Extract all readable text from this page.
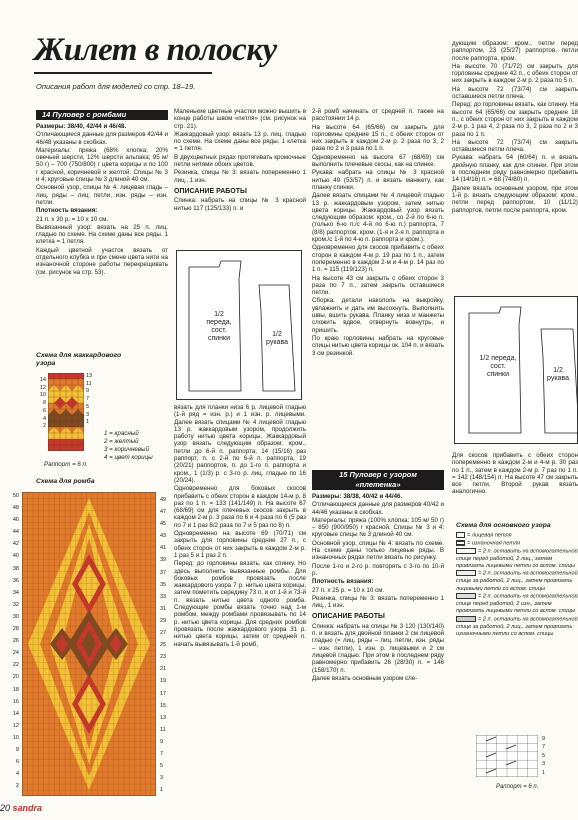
Жилет в полоску
Описания работ для моделей со стр. 18–19.
14 Пуловер с ромбами

Размеры: 38/40, 42/44 и 46/48.

Отличающиеся данные для размеров 42/44 и 46/48 указаны в скобках.

Материалы: пряжа (68% хлопка, 20% овечьей шерсти, 12% шерсти альпака; 95 м/ 50 г) – 700 (750/800) г цвета корицы и по 100 г красной, коричневой и желтой. Спицы № 3 и 4; круговые спицы № 3 длиной 40 см.

Основной узор, спицы № 4: лицевая гладь – лиц. ряды – лиц. петли, изн. ряды – изн. петли.

Плотность вязания:

21 п. х 30 р. = 10 х 10 см.

Вывязанный узор: вязать на 25 п. лиц. гладью по схеме. На схеме даны все ряды. 1 клетка = 1 петля.

Каждый цветной участок вязать от отдельного клубка и при смене цвета нити на изнаночной стороне работы перекрещивать (см. рисунок на стр. 53).

Схема для жаккардового узора
14
12
10
8
6
4
2
13
11
9
7
5
3
1
1 = красный
2 = желтый
3 = коричневый
4 = цвет корицы
Раппорт = 6 п.
Схема для ромба
50
48
46
44
42
40
38
36
34
32
30
28
26
24
22
20
18
16
14
12
10
8
6
4
2
49
47
45
43
41
39
37
35
33
31
29
27
25
23
21
19
17
15
13
11
9
7
5
3
1
20 sandra

Маленькие цветные участки можно вышить в конце работы швом «петля» (см. рисунок на стр. 21).

Жаккардовый узор: вязать 13 р. лиц. гладью по схеме. На схеме даны все ряды. 1 клетка = 1 петля.

В двухцветных рядах протягивать кромочные петли нитями обоих цветов.

Резинка, спицы № 3: вязать попеременно 1 лиц., 1 изн.

ОПИСАНИЕ РАБОТЫ

Спинка: набрать на спицы № 3 красной нитью 117 (125/133) п. и

1/2 переда, сост. спинки
1/2 рукава

вязать для планки низа 6 р. лицевой гладью (1-й ряд = изн. р.) и 1 изн. р. лицевыми. Далее вязать спицами № 4 лицевой гладью 13 р. жаккардовым узором, продолжить работу нитью цвета корицы. Жаккардовый узор вязать следующим образом: кром., петли до 6-й п. раппорта, 14 (15/16) раз раппорт, п. с 2-й по 6-й п. раппорта, 19 (20/21) раппортов, п. до 1-го п. раппорта и кром., 1 (1/3) р. с 3-го р. лиц. гладью по 16 (20/24).

Одновременно для боковых скосов прибавить с обеих сторон в каждом 14-м р. 8 раз по 1 п. = 133 (141/149) п. На высоте 67 (68/69) см для плечевых скосов закрыть в каждом 2-м р. 3 раза по 6 и 4 раза по 6 (5 раз по 7 и 1 раз 8/2 раза по 7 и 5 раз по 8) п.

Одновременно на высоте 69 (70/71) см закрыть для горловины средние 27 п., с обеих сторон от них закрыть в каждом 2-м р. 1 раз 5 и 1 раз 2 п.

Перед: до горловины вязать, как спинку. Но здесь выполнить вывязанные ромбы. Для боковых ромбов провязать после жаккардового узора 7 р. нитью цвета корицы, затем пометить середину 73 п. и от 1-й и 73-й п. вязать нитью цвета одного ромба. Следующие ромбы вязать точно над 1-м ромбом, между ромбами провязывать по 14 р. нитью цвета корицы. Для средних ромбов провязать после жаккардового узора 31 р. нитью цвета корицы, затем от средней п. начать вывязывать 1-й ромб,

2-й ромб начинать от средней п. также на расстоянии 14 р.

На высоте 64 (65/66) см закрыть для горловины средние 15 п., с обеих сторон от них закрыть в каждом 2-м р. 2 раза по 3, 2 раза по 2 и 3 раза по 1 п.

Одновременно на высоте 67 (68/69) см выполнить плечевые скосы, как на спинке.

Рукава: набрать на спицы № 3 красной нитью 49 (53/57) п. и вязать манжету, как планку спинки.

Далее вязать спицами № 4 лицевой гладью 13 р. жаккардовым узором, затем нитью цвета корицы. Жаккардовый узор вязать следующим образом: кром., со 2-й по 6-ю п. (только 6-ю п./с 4-й по 6-ю п.) раппорта, 7 (8/8) раппортов, кром. (1-я и 2-я п. раппорта и кром./с 1-й по 4-ю п. раппорта и кром.).

Одновременно для скосов прибавить с обеих сторон в каждом 4-м р. 19 раз по 1 п., затем попеременно в каждом 2-м и 4-м р. 14 раз по 1 п. = 115 (119/123) п.

На высоте 43 см закрыть с обеих сторон 3 раза по 7 п., затем закрыть оставшиеся петли.

Сборка: детали накололь на выкройку, увлажнить и дать им высохнуть. Выполнить швы, вшить рукава. Планку низа и манжеты сложить вдвое, отвернуть вовнутрь, и пришить.

По краю горловины набрать на круговые спицы нитью цвета корицы ок. 104 п. и вязать 3 см резинкой.

15 Пуловер с узором «плетенка»

Размеры: 38/38, 40/42 и 44/46.

Отличающиеся данные для размеров 40/42 и 44/46 указаны в скобках.

Материалы: пряжа (100% хлопка; 105 м/ 50 г) – 850 (900/950) г красной. Спицы № 3 и 4; круговые спицы № 3 длиной 40 см.

Основной узор, спицы № 4: вязать по схеме. На схеме даны только лицевые ряды. В изнаночных рядах петли вязать по рисунку.

После 1-го и 2-го р. повторять с 3-го по 10-й р.

Плотность вязания:

27 п. х 25 р. = 10 х 10 см.

Резинка, спицы № 3: вязать попеременно 1 лиц., 1 изн.

ОПИСАНИЕ РАБОТЫ

Спинка: набрать на спицы № 3 120 (130/140) п. и вязать для двойной планки 2 см лицевой гладью (= лиц. ряды – лиц. петли, изн. ряды – изн. петли), 1 изн. р. лицевыми и 2 см лицевой гладью. При этом в последнем ряду равномерно прибавить 26 (28/30) п. = 146 (158/170) п.

Далее вязать основным узором сле-

дующим образом: кром., петли перед раппортом, 23 (25/27) раппортов, петли после раппорта, кром.

На высоте 70 (71/72) см закрыть для горловины средние 42 п., с обеих сторон от них закрыть в каждом 2-м р. 2 раза по 5 п.

На высоте 72 (73/74) см закрыть оставшиеся петли плеча.

Перед: до горловины вязать, как спинку. На высоте 64 (65/66) см закрыть средние 18 п., с обеих сторон от них закрыть в каждом 2-м р. 1 раз 4, 2 раза по 3, 2 раза по 2 и 3 раза по 1 п.

На высоте 72 (73/74) см закрыть оставшиеся петли плеча.

Рукава: набрать 54 (60/64) п. и вязать двойную планку, как для спинки. При этом в последнем ряду равномерно прибавить 14 (14/16) п. = 68 (74/80) п.

Далее вязать основным узором, при этом 1-й р. вязать следующим образом: кром., петли перед раппортом, 10 (11/12) раппортов, петли после раппорта, кром.

1/2 переда, сост. спинки
1/2 рукава

Для скосов прибавить с обеих сторон попеременно в каждом 2-м и 4-м р. 30 раз по 1 п., затем в каждом 2-м р. 7 раз по 1 п. = 142 (148/154) п. На высоте 47 см закрыть все петли. Второй рукав вязать аналогично.

Схема для основного узора
= лицевая петля
= изнаночная петля
= 2 п. оставить на вспомогательной спице перед работой, 2 лиц., затем провязать лицевыми петли со вспом. спицы
= 2 п. оставить на вспомогательной спице за работой, 2 лиц., затем провязать лицевыми петли со вспом. спицы
= 2 п. оставить на вспомогательной спице перед работой, 2 изн., затем провязать лицевыми петли со вспом. спицы
= 2 п. оставить на вспомогательной спице за работой, 2 лиц., затем провязать изнаночными петли со вспом. спицы
9
7
5
3
1
Раппорт = 6 п.
